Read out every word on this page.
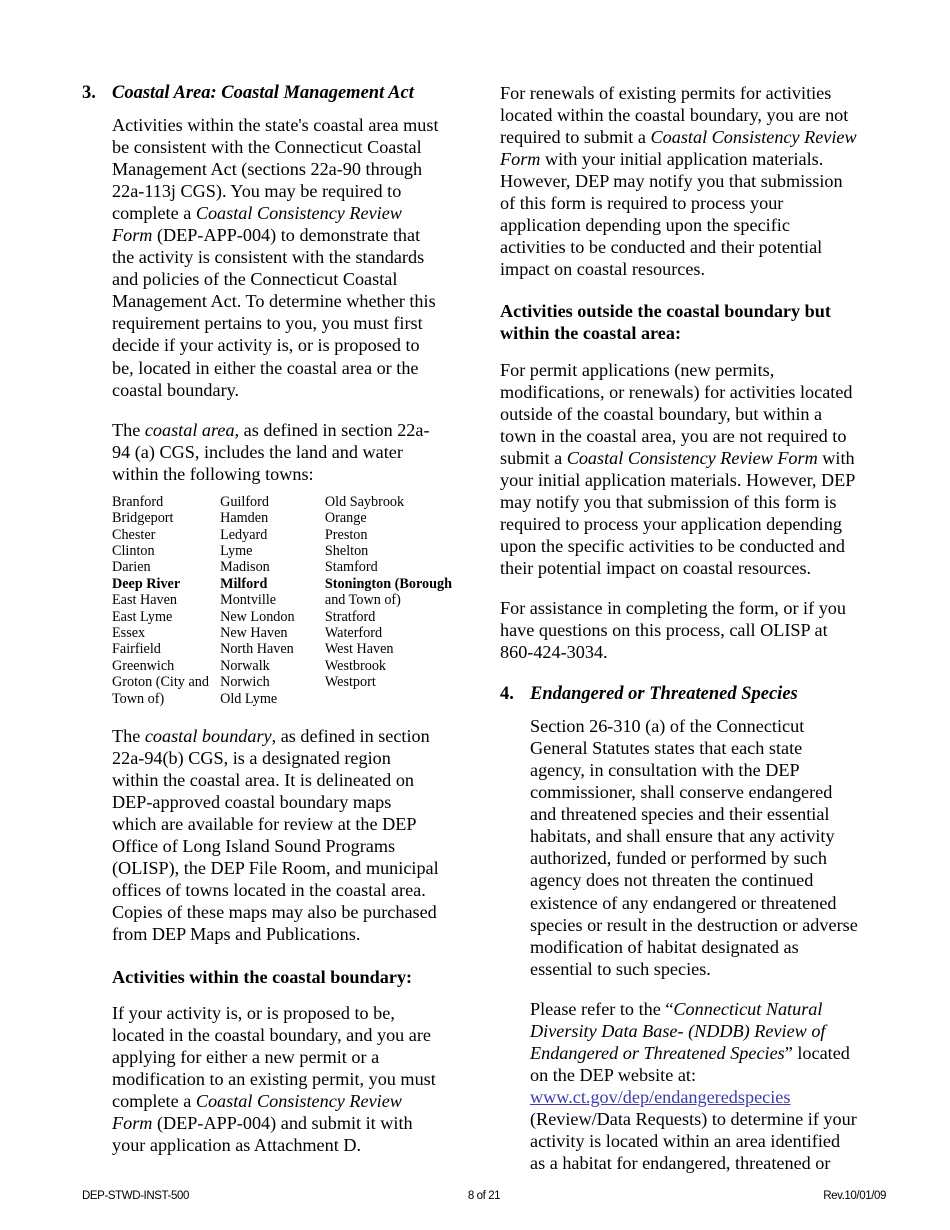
3. Coastal Area: Coastal Management Act

Activities within the state's coastal area must be consistent with the Connecticut Coastal Management Act (sections 22a-90 through 22a-113j CGS). You may be required to complete a Coastal Consistency Review Form (DEP-APP-004) to demonstrate that the activity is consistent with the standards and policies of the Connecticut Coastal Management Act. To determine whether this requirement pertains to you, you must first decide if your activity is, or is proposed to be, located in either the coastal area or the coastal boundary.

The coastal area, as defined in section 22a-94 (a) CGS, includes the land and water within the following towns:

Branford	Guilford	Old Saybrook
Bridgeport	Hamden	Orange
Chester	Ledyard	Preston
Clinton	Lyme	Shelton
Darien	Madison	Stamford
Deep River	Milford	Stonington (Borough
East Haven	Montville	and Town of)
East Lyme	New London	Stratford
Essex	New Haven	Waterford
Fairfield	North Haven	West Haven
Greenwich	Norwalk	Westbrook
Groton (City and	Norwich	Westport
Town of)	Old Lyme	

The coastal boundary, as defined in section 22a-94(b) CGS, is a designated region within the coastal area. It is delineated on DEP-approved coastal boundary maps which are available for review at the DEP Office of Long Island Sound Programs (OLISP), the DEP File Room, and municipal offices of towns located in the coastal area. Copies of these maps may also be purchased from DEP Maps and Publications.

Activities within the coastal boundary:

If your activity is, or is proposed to be, located in the coastal boundary, and you are applying for either a new permit or a modification to an existing permit, you must complete a Coastal Consistency Review Form (DEP-APP-004) and submit it with your application as Attachment D.

For renewals of existing permits for activities located within the coastal boundary, you are not required to submit a Coastal Consistency Review Form with your initial application materials. However, DEP may notify you that submission of this form is required to process your application depending upon the specific activities to be conducted and their potential impact on coastal resources.

Activities outside the coastal boundary but within the coastal area:

For permit applications (new permits, modifications, or renewals) for activities located outside of the coastal boundary, but within a town in the coastal area, you are not required to submit a Coastal Consistency Review Form with your initial application materials. However, DEP may notify you that submission of this form is required to process your application depending upon the specific activities to be conducted and their potential impact on coastal resources.

For assistance in completing the form, or if you have questions on this process, call OLISP at 860-424-3034.

4. Endangered or Threatened Species

Section 26-310 (a) of the Connecticut General Statutes states that each state agency, in consultation with the DEP commissioner, shall conserve endangered and threatened species and their essential habitats, and shall ensure that any activity authorized, funded or performed by such agency does not threaten the continued existence of any endangered or threatened species or result in the destruction or adverse modification of habitat designated as essential to such species.

Please refer to the “Connecticut Natural Diversity Data Base- (NDDB) Review of Endangered or Threatened Species” located on the DEP website at: www.ct.gov/dep/endangeredspecies (Review/Data Requests) to determine if your activity is located within an area identified as a habitat for endangered, threatened or

DEP-STWD-INST-500	8 of 21	Rev.10/01/09
